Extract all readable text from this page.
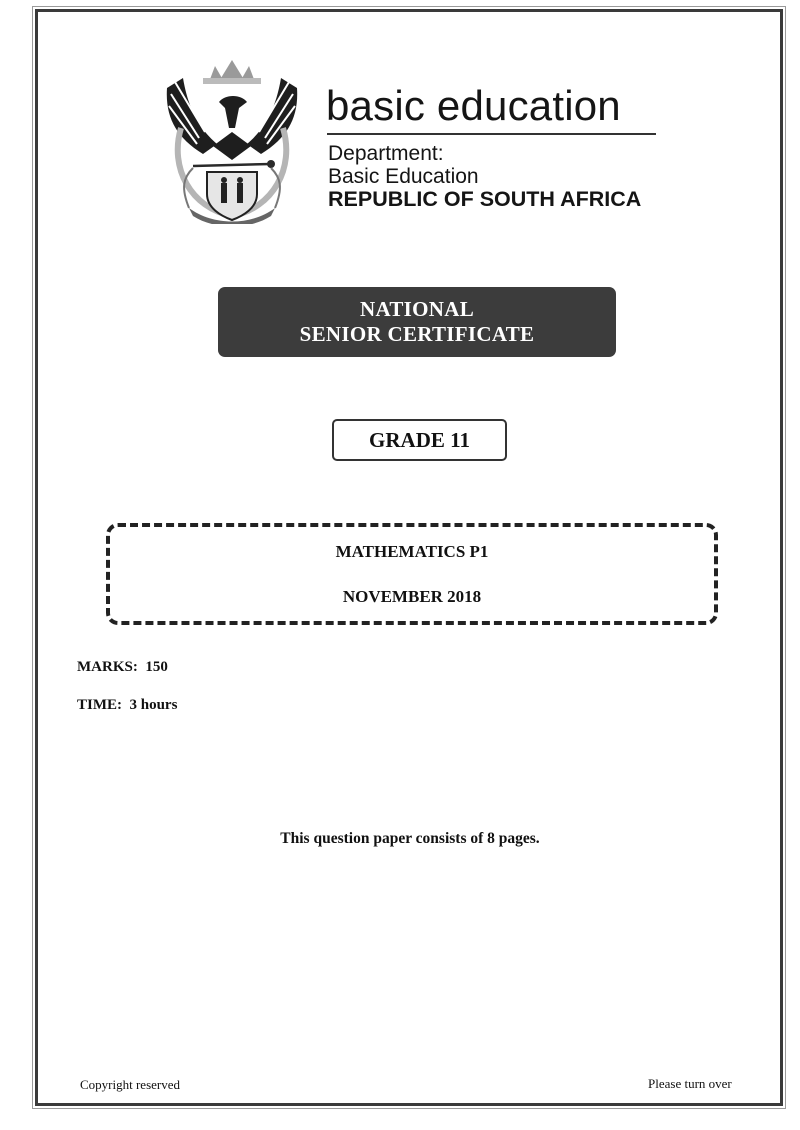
basic education
Department:
Basic Education
REPUBLIC OF SOUTH AFRICA
NATIONAL
SENIOR CERTIFICATE
GRADE 11
MATHEMATICS P1
NOVEMBER 2018
MARKS:  150
TIME:  3 hours
This question paper consists of 8 pages.
Copyright reserved	Please turn over
